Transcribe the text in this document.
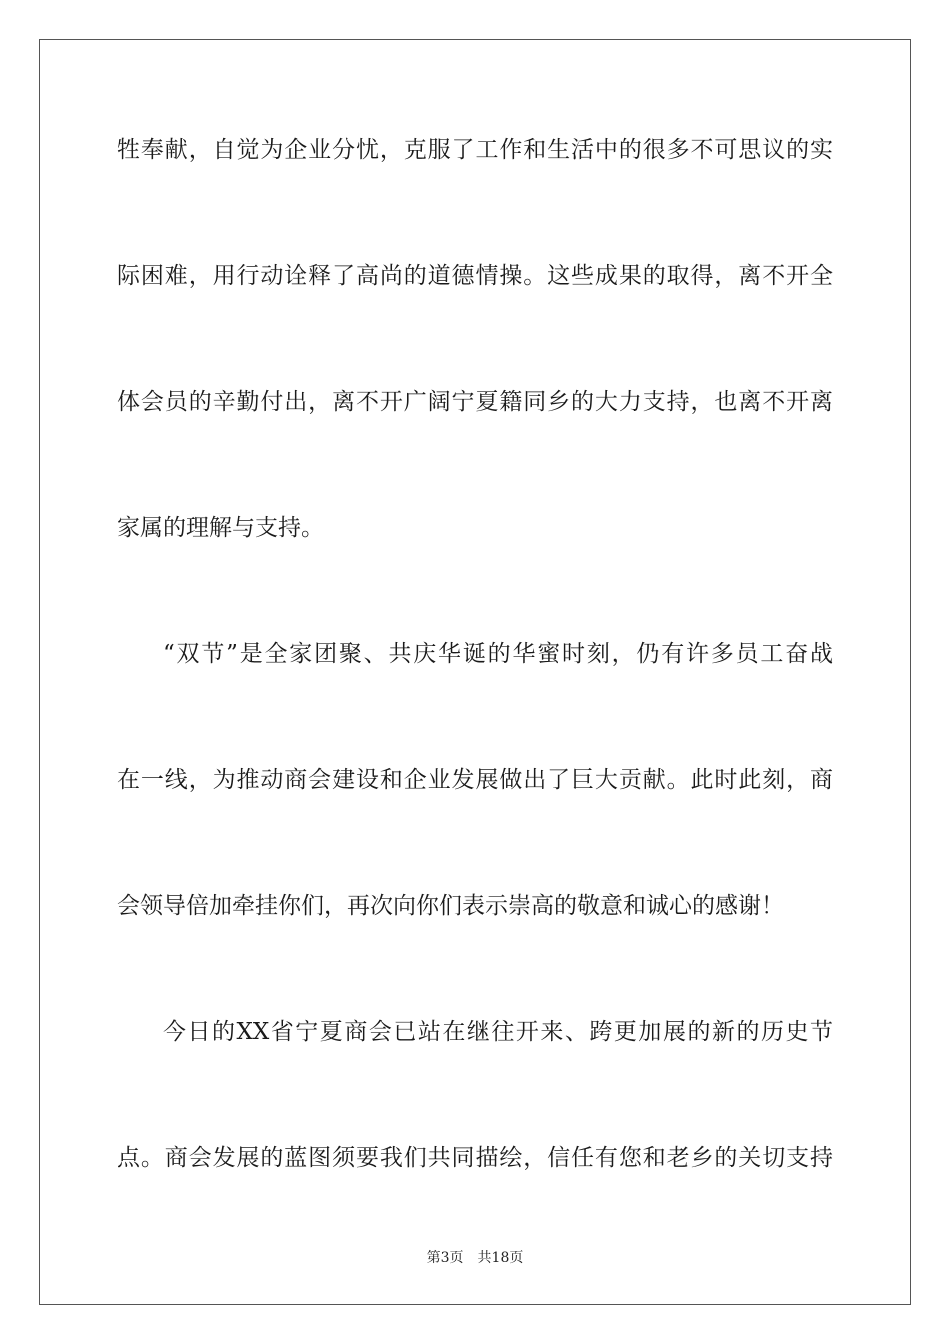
牲奉献，自觉为企业分忧，克服了工作和生活中的很多不可思议的实
际困难，用行动诠释了高尚的道德情操。这些成果的取得，离不开全
体会员的辛勤付出，离不开广阔宁夏籍同乡的大力支持，也离不开离
家属的理解与支持。
“双节”是全家团聚、共庆华诞的华蜜时刻，仍有许多员工奋战
在一线，为推动商会建设和企业发展做出了巨大贡献。此时此刻，商
会领导倍加牵挂你们，再次向你们表示崇高的敬意和诚心的感谢！
今日的XX省宁夏商会已站在继往开来、跨更加展的新的历史节
点。商会发展的蓝图须要我们共同描绘，信任有您和老乡的关切支持
第3页 共18页
